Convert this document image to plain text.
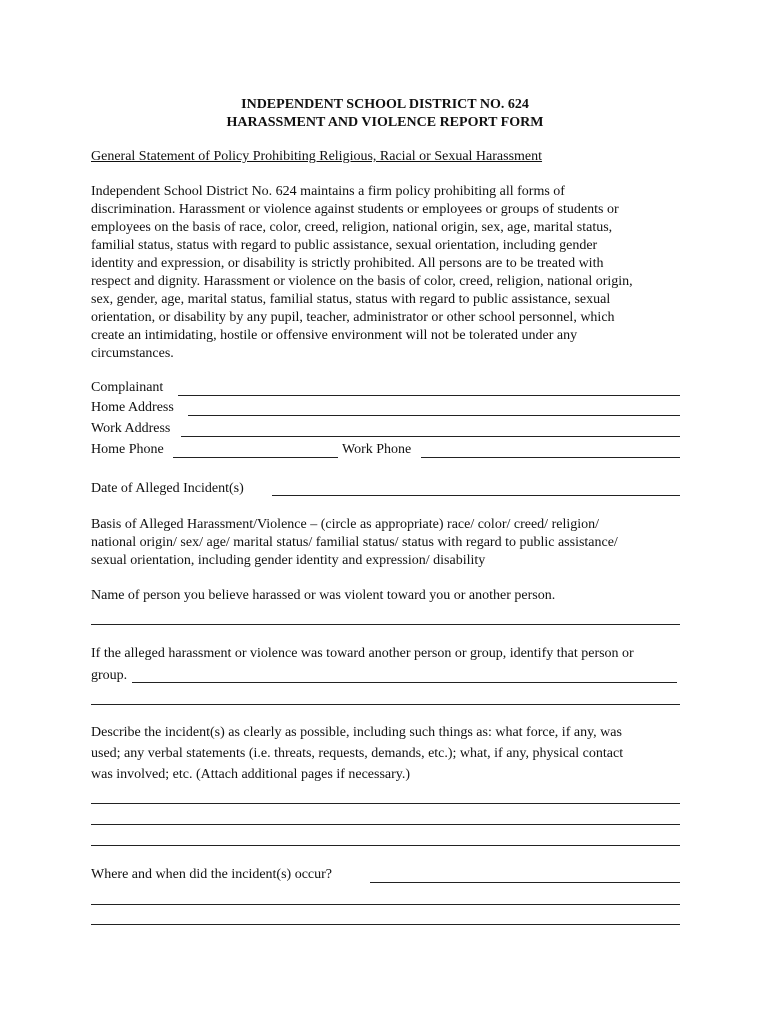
INDEPENDENT SCHOOL DISTRICT NO. 624
HARASSMENT AND VIOLENCE REPORT FORM
General Statement of Policy Prohibiting Religious, Racial or Sexual Harassment
Independent School District No. 624 maintains a firm policy prohibiting all forms of
discrimination. Harassment or violence against students or employees or groups of students or
employees on the basis of race, color, creed, religion, national origin, sex, age, marital status,
familial status, status with regard to public assistance, sexual orientation, including gender
identity and expression, or disability is strictly prohibited. All persons are to be treated with
respect and dignity. Harassment or violence on the basis of color, creed, religion, national origin,
sex, gender, age, marital status, familial status, status with regard to public assistance, sexual
orientation, or disability by any pupil, teacher, administrator or other school personnel, which
create an intimidating, hostile or offensive environment will not be tolerated under any
circumstances.
Complainant
Home Address
Work Address
Home Phone	Work Phone
Date of Alleged Incident(s)
Basis of Alleged Harassment/Violence – (circle as appropriate) race/ color/ creed/ religion/
national origin/ sex/ age/ marital status/ familial status/ status with regard to public assistance/
sexual orientation, including gender identity and expression/ disability
Name of person you believe harassed or was violent toward you or another person.
If the alleged harassment or violence was toward another person or group, identify that person or
group.
Describe the incident(s) as clearly as possible, including such things as: what force, if any, was
used; any verbal statements (i.e. threats, requests, demands, etc.); what, if any, physical contact
was involved; etc. (Attach additional pages if necessary.)
Where and when did the incident(s) occur?
